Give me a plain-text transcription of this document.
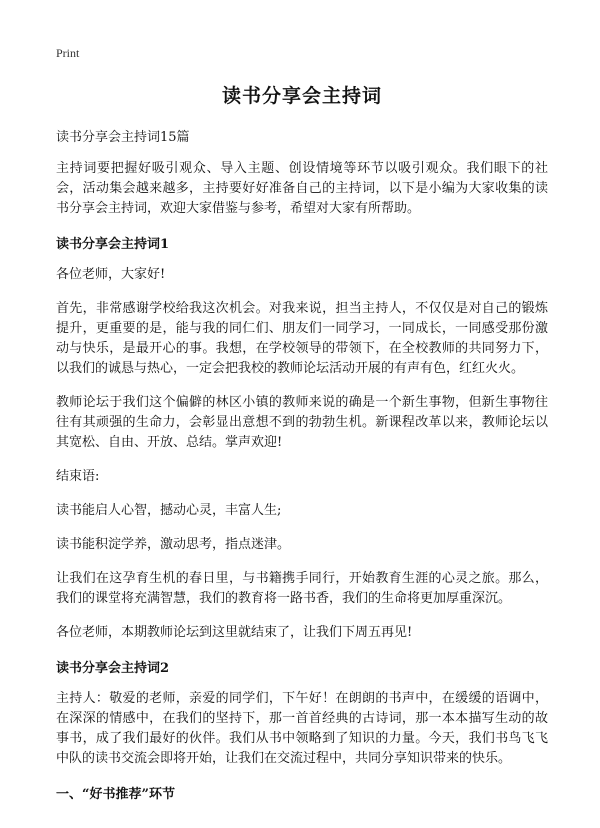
Print
读书分享会主持词
读书分享会主持词15篇

主持词要把握好吸引观众、导入主题、创设情境等环节以吸引观众。我们眼下的社会，活动集会越来越多，主持要好好准备自己的主持词，以下是小编为大家收集的读书分享会主持词，欢迎大家借鉴与参考，希望对大家有所帮助。

读书分享会主持词1

各位老师，大家好!

首先，非常感谢学校给我这次机会。对我来说，担当主持人，不仅仅是对自己的锻炼提升，更重要的是，能与我的同仁们、朋友们一同学习，一同成长，一同感受那份激动与快乐，是最开心的事。我想，在学校领导的带领下，在全校教师的共同努力下，以我们的诚恳与热心，一定会把我校的教师论坛活动开展的有声有色，红红火火。

教师论坛于我们这个偏僻的林区小镇的教师来说的确是一个新生事物，但新生事物往往有其顽强的生命力，会彰显出意想不到的勃勃生机。新课程改革以来，教师论坛以其宽松、自由、开放、总结。掌声欢迎!

结束语:

读书能启人心智，撼动心灵，丰富人生;

读书能积淀学养，激动思考，指点迷津。

让我们在这孕育生机的春日里，与书籍携手同行，开始教育生涯的心灵之旅。那么，我们的课堂将充满智慧，我们的教育将一路书香，我们的生命将更加厚重深沉。

各位老师，本期教师论坛到这里就结束了，让我们下周五再见!

读书分享会主持词2

主持人：敬爱的老师，亲爱的同学们，下午好！在朗朗的书声中，在缓缓的语调中，在深深的情感中，在我们的坚持下，那一首首经典的古诗词，那一本本描写生动的故事书，成了我们最好的伙伴。我们从书中领略到了知识的力量。今天，我们书鸟飞飞中队的读书交流会即将开始，让我们在交流过程中，共同分享知识带来的快乐。

一、“好书推荐”环节
